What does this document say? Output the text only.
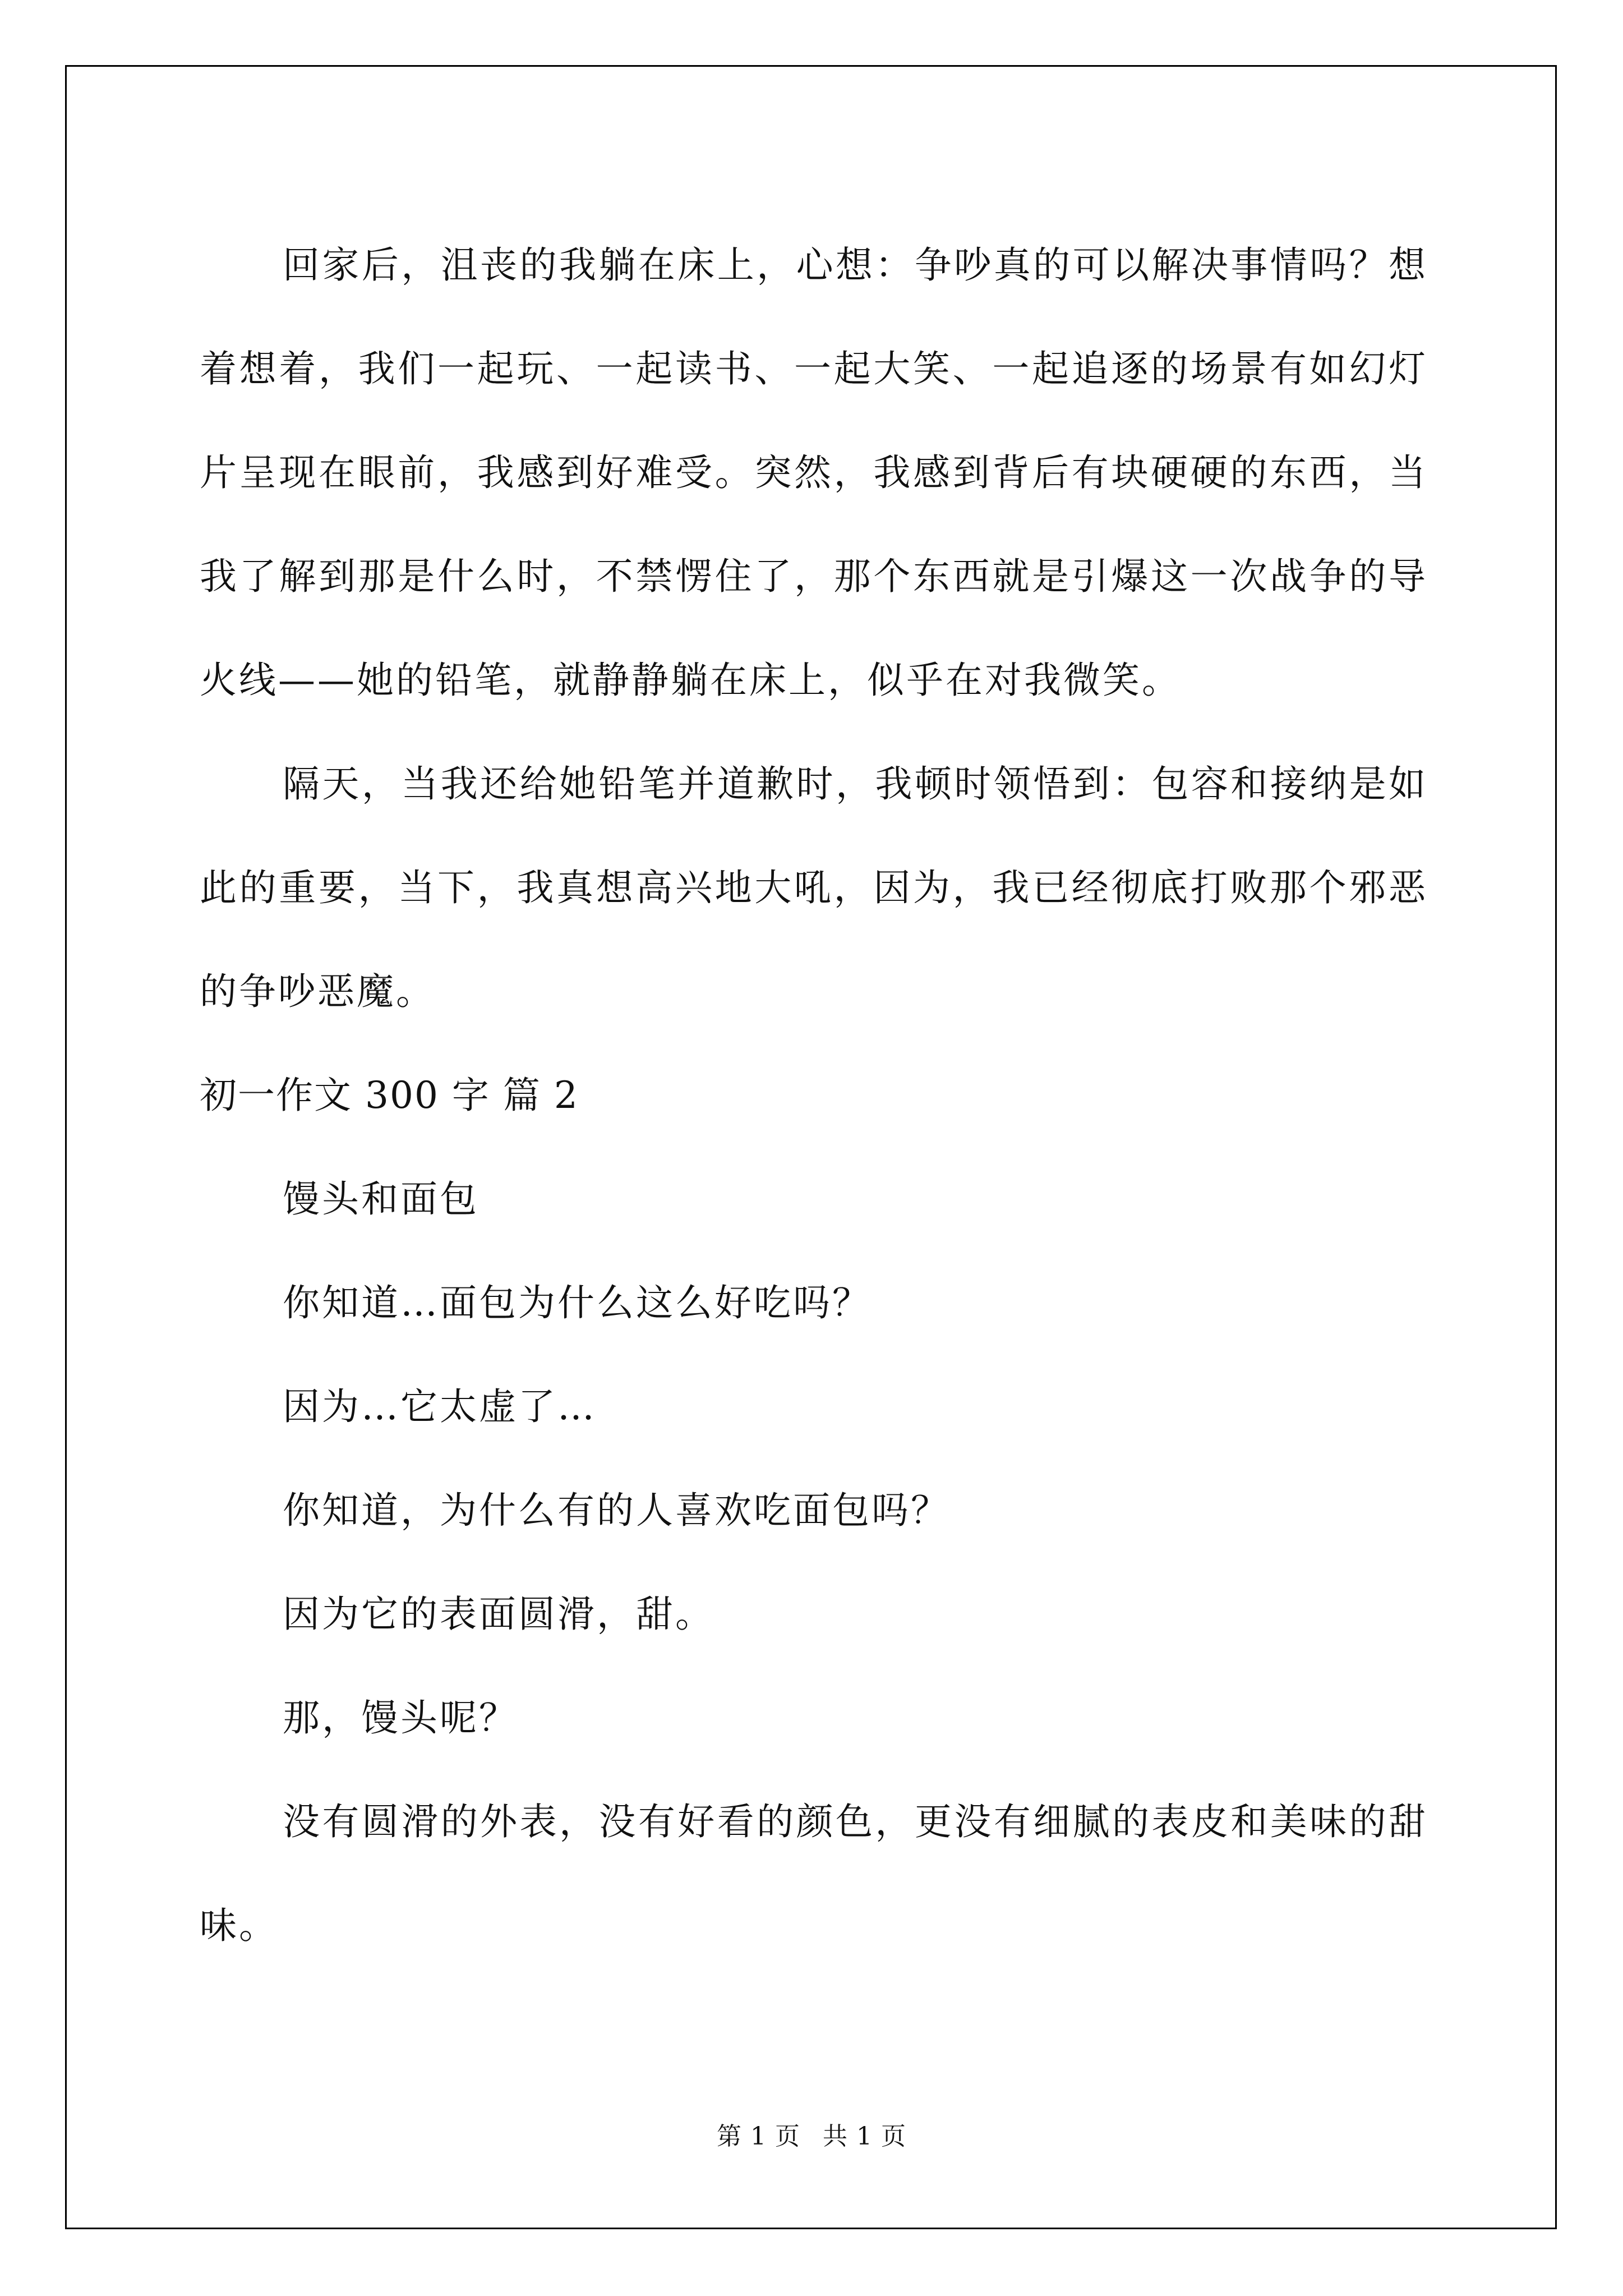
回家后，沮丧的我躺在床上，心想：争吵真的可以解决事情吗？想着想着，我们一起玩、一起读书、一起大笑、一起追逐的场景有如幻灯片呈现在眼前，我感到好难受。突然，我感到背后有块硬硬的东西，当我了解到那是什么时，不禁愣住了，那个东西就是引爆这一次战争的导火线——她的铅笔，就静静躺在床上，似乎在对我微笑。

隔天，当我还给她铅笔并道歉时，我顿时领悟到：包容和接纳是如此的重要，当下，我真想高兴地大吼，因为，我已经彻底打败那个邪恶的争吵恶魔。

初一作文 300 字 篇 2

馒头和面包

你知道…面包为什么这么好吃吗？

因为…它太虚了…

你知道，为什么有的人喜欢吃面包吗？

因为它的表面圆滑，甜。

那，馒头呢？

没有圆滑的外表，没有好看的颜色，更没有细腻的表皮和美味的甜味。

第 1 页 共 1 页
